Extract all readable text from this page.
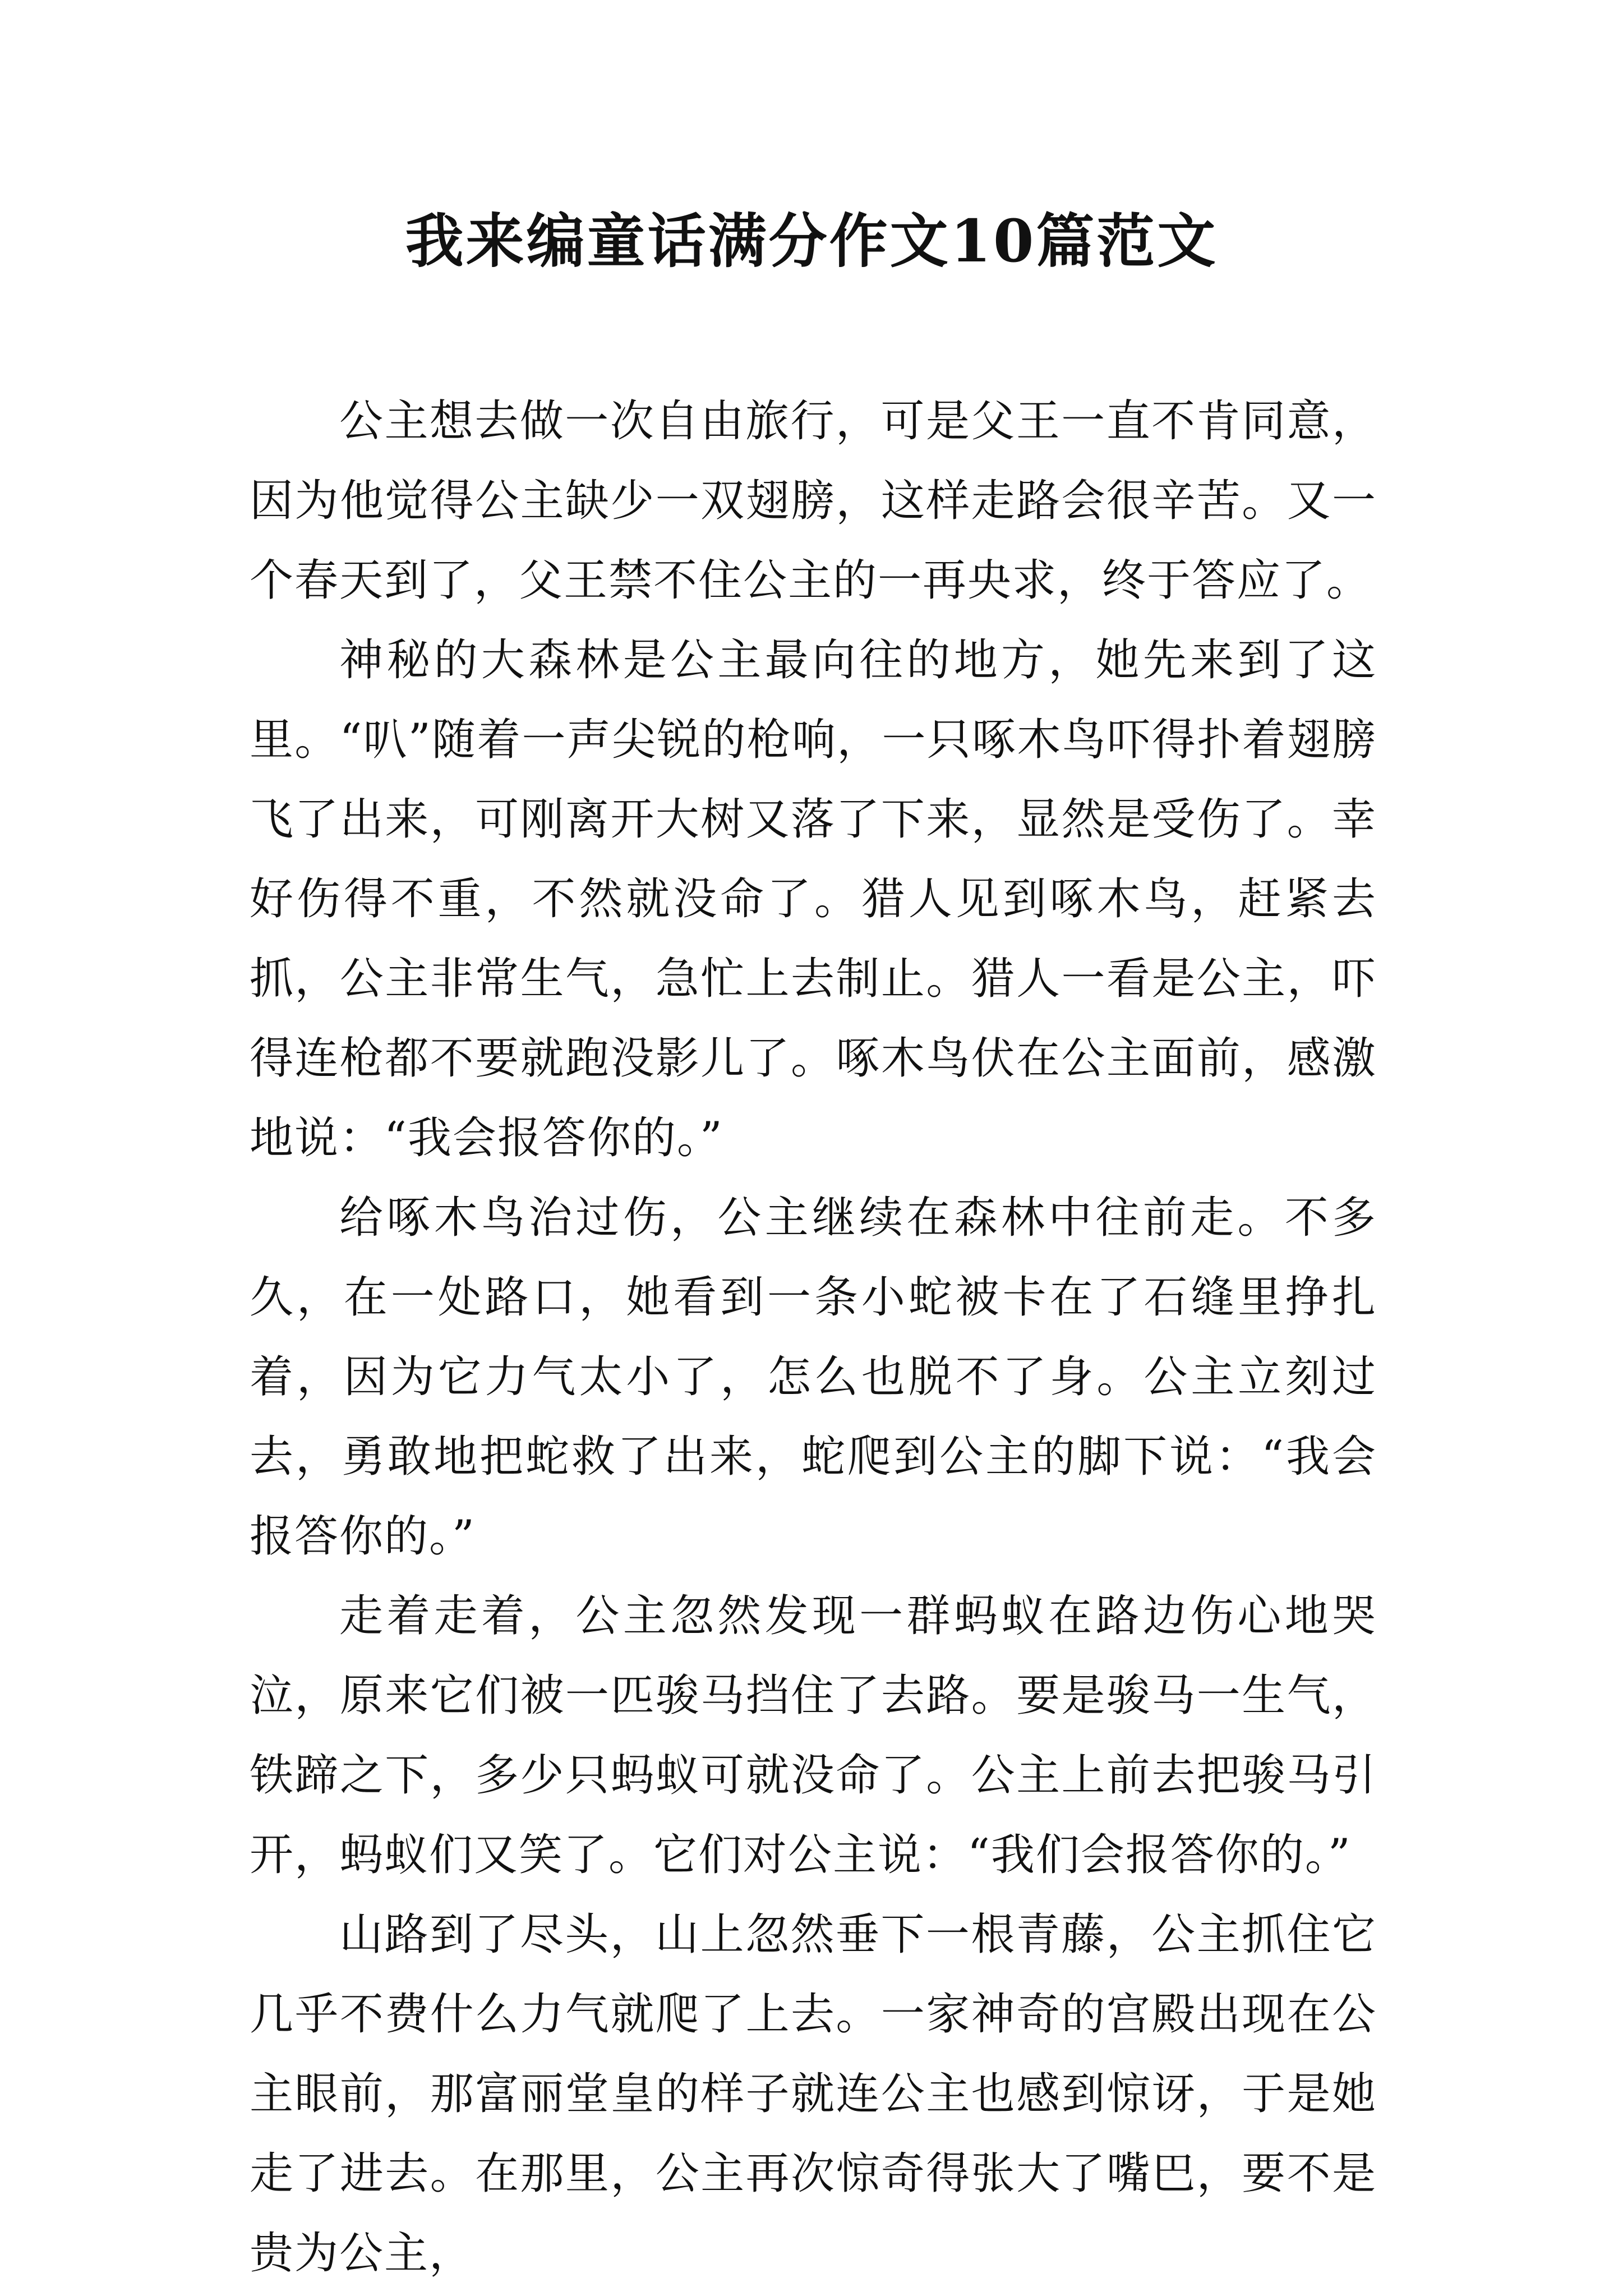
我来编童话满分作文10篇范文

公主想去做一次自由旅行，可是父王一直不肯同意，因为他觉得公主缺少一双翅膀，这样走路会很辛苦。又一个春天到了，父王禁不住公主的一再央求，终于答应了。

神秘的大森林是公主最向往的地方，她先来到了这里。“叭”随着一声尖锐的枪响，一只啄木鸟吓得扑着翅膀飞了出来，可刚离开大树又落了下来，显然是受伤了。幸好伤得不重，不然就没命了。猎人见到啄木鸟，赶紧去抓，公主非常生气，急忙上去制止。猎人一看是公主，吓得连枪都不要就跑没影儿了。啄木鸟伏在公主面前，感激地说：“我会报答你的。”

给啄木鸟治过伤，公主继续在森林中往前走。不多久，在一处路口，她看到一条小蛇被卡在了石缝里挣扎着，因为它力气太小了，怎么也脱不了身。公主立刻过去，勇敢地把蛇救了出来，蛇爬到公主的脚下说：“我会报答你的。”

走着走着，公主忽然发现一群蚂蚁在路边伤心地哭泣，原来它们被一匹骏马挡住了去路。要是骏马一生气，铁蹄之下，多少只蚂蚁可就没命了。公主上前去把骏马引开，蚂蚁们又笑了。它们对公主说：“我们会报答你的。”

山路到了尽头，山上忽然垂下一根青藤，公主抓住它几乎不费什么力气就爬了上去。一家神奇的宫殿出现在公主眼前，那富丽堂皇的样子就连公主也感到惊讶，于是她走了进去。在那里，公主再次惊奇得张大了嘴巴，要不是贵为公主，
